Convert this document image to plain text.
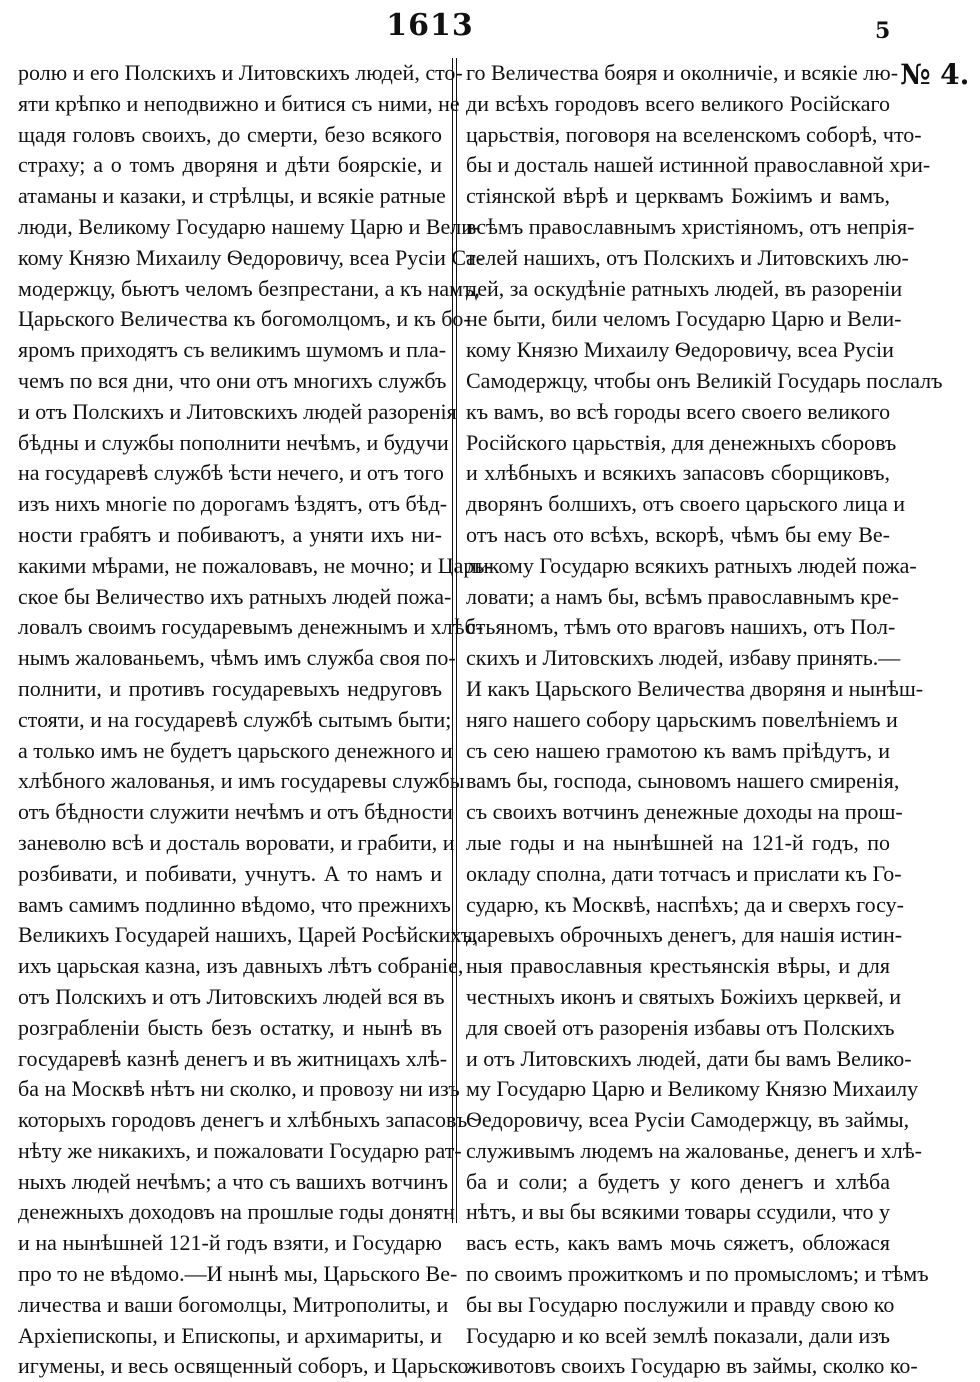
1613	5
№ 4.
ролю и его Полскихъ и Литовскихъ людей, сто-
яти крѣпко и неподвижно и битися съ ними, не
щадя головъ своихъ, до смерти, безо всякого
страху; а о томъ дворяня и дѣти боярскіе, и
атаманы и казаки, и стрѣлцы, и всякіе ратные
люди, Великому Государю нашему Царю и Вели-
кому Князю Михаилу Ѳедоровичу, всеа Русіи Са-
модержцу, бьютъ челомъ безпрестани, а къ намъ,
Царьского Величества къ богомолцомъ, и къ бо-
яромъ приходятъ съ великимъ шумомъ и пла-
чемъ по вся дни, что они отъ многихъ службъ
и отъ Полскихъ и Литовскихъ людей разоренія
бѣдны и службы пополнити нечѣмъ, и будучи
на государевѣ службѣ ѣсти нечего, и отъ того
изъ нихъ многіе по дорогамъ ѣздятъ, отъ бѣд-
ности грабятъ и побиваютъ, а уняти ихъ ни-
какими мѣрами, не пожаловавъ, не мочно; и Царь-
ское бы Величество ихъ ратныхъ людей пожа-
ловалъ своимъ государевымъ денежнымъ и хлѣб-
нымъ жалованьемъ, чѣмъ имъ служба своя по-
полнити, и противъ государевыхъ недруговъ
стояти, и на государевѣ службѣ сытымъ быти;
а только имъ не будетъ царьского денежного и
хлѣбного жалованья, и имъ государевы службы
отъ бѣдности служити нечѣмъ и отъ бѣдности
заневолю всѣ и досталь воровати, и грабити, и
розбивати, и побивати, учнутъ. А то намъ и
вамъ самимъ подлинно вѣдомо, что прежнихъ
Великихъ Государей нашихъ, Царей Росѣйскихъ,
ихъ царьская казна, изъ давныхъ лѣтъ собраніе,
отъ Полскихъ и отъ Литовскихъ людей вся въ
розграбленіи бысть безъ остатку, и нынѣ въ
государевѣ казнѣ денегъ и въ житницахъ хлѣ-
ба на Москвѣ нѣтъ ни сколко, и провозу ни изъ
которыхъ городовъ денегъ и хлѣбныхъ запасовъ
нѣту же никакихъ, и пожаловати Государю рат-
ныхъ людей нечѣмъ; а что съ вашихъ вотчинъ
денежныхъ доходовъ на прошлые годы донятн
и на нынѣшней 121-й годъ взяти, и Государю
про то не вѣдомо.—И нынѣ мы, Царьского Ве-
личества и ваши богомолцы, Митрополиты, и
Архіепископы, и Епископы, и архимариты, и
игумены, и весь освященный соборъ, и Царьско-
го Величества бояря и околничіе, и всякіе лю-
ди всѣхъ городовъ всего великого Російскаго
царьствія, поговоря на вселенскомъ соборѣ, что-
бы и досталь нашей истинной православной хри-
стіянской вѣрѣ и церквамъ Божіимъ и вамъ,
всѣмъ православнымъ христіяномъ, отъ непрія-
телей нашихъ, отъ Полскихъ и Литовскихъ лю-
дей, за оскудѣніе ратныхъ людей, въ разореніи
не быти, били челомъ Государю Царю и Вели-
кому Князю Михаилу Ѳедоровичу, всеа Русіи
Самодержцу, чтобы онъ Великій Государь послалъ
къ вамъ, во всѣ городы всего своего великого
Російского царьствія, для денежныхъ сборовъ
и хлѣбныхъ и всякихъ запасовъ сборщиковъ,
дворянъ болшихъ, отъ своего царьского лица и
отъ насъ ото всѣхъ, вскорѣ, чѣмъ бы ему Ве-
ликому Государю всякихъ ратныхъ людей пожа-
ловати; а намъ бы, всѣмъ православнымъ кре-
стьяномъ, тѣмъ ото враговъ нашихъ, отъ Пол-
скихъ и Литовскихъ людей, избаву принять.—
И какъ Царьского Величества дворяня и нынѣш-
няго нашего собору царьскимъ повелѣніемъ и
съ сею нашею грамотою къ вамъ пріѣдутъ, и
вамъ бы, господа, сыновомъ нашего смиренія,
съ своихъ вотчинъ денежные доходы на прош-
лые годы и на нынѣшней на 121-й годъ, по
окладу сполна, дати тотчасъ и прислати къ Го-
сударю, къ Москвѣ, наспѣхъ; да и сверхъ госу-
даревыхъ оброчныхъ денегъ, для нашія истин-
ныя православныя крестьянскія вѣры, и для
честныхъ иконъ и святыхъ Божіихъ церквей, и
для своей отъ разоренія избавы отъ Полскихъ
и отъ Литовскихъ людей, дати бы вамъ Велико-
му Государю Царю и Великому Князю Михаилу
Ѳедоровичу, всеа Русіи Самодержцу, въ займы,
служивымъ людемъ на жалованье, денегъ и хлѣ-
ба и соли; а будетъ у кого денегъ и хлѣба
нѣтъ, и вы бы всякими товары ссудили, что у
васъ есть, какъ вамъ мочь сяжетъ, обложася
по своимъ прожиткомъ и по промысломъ; и тѣмъ
бы вы Государю послужили и правду свою ко
Государю и ко всей землѣ показали, дали изъ
животовъ своихъ Государю въ займы, сколко ко-
